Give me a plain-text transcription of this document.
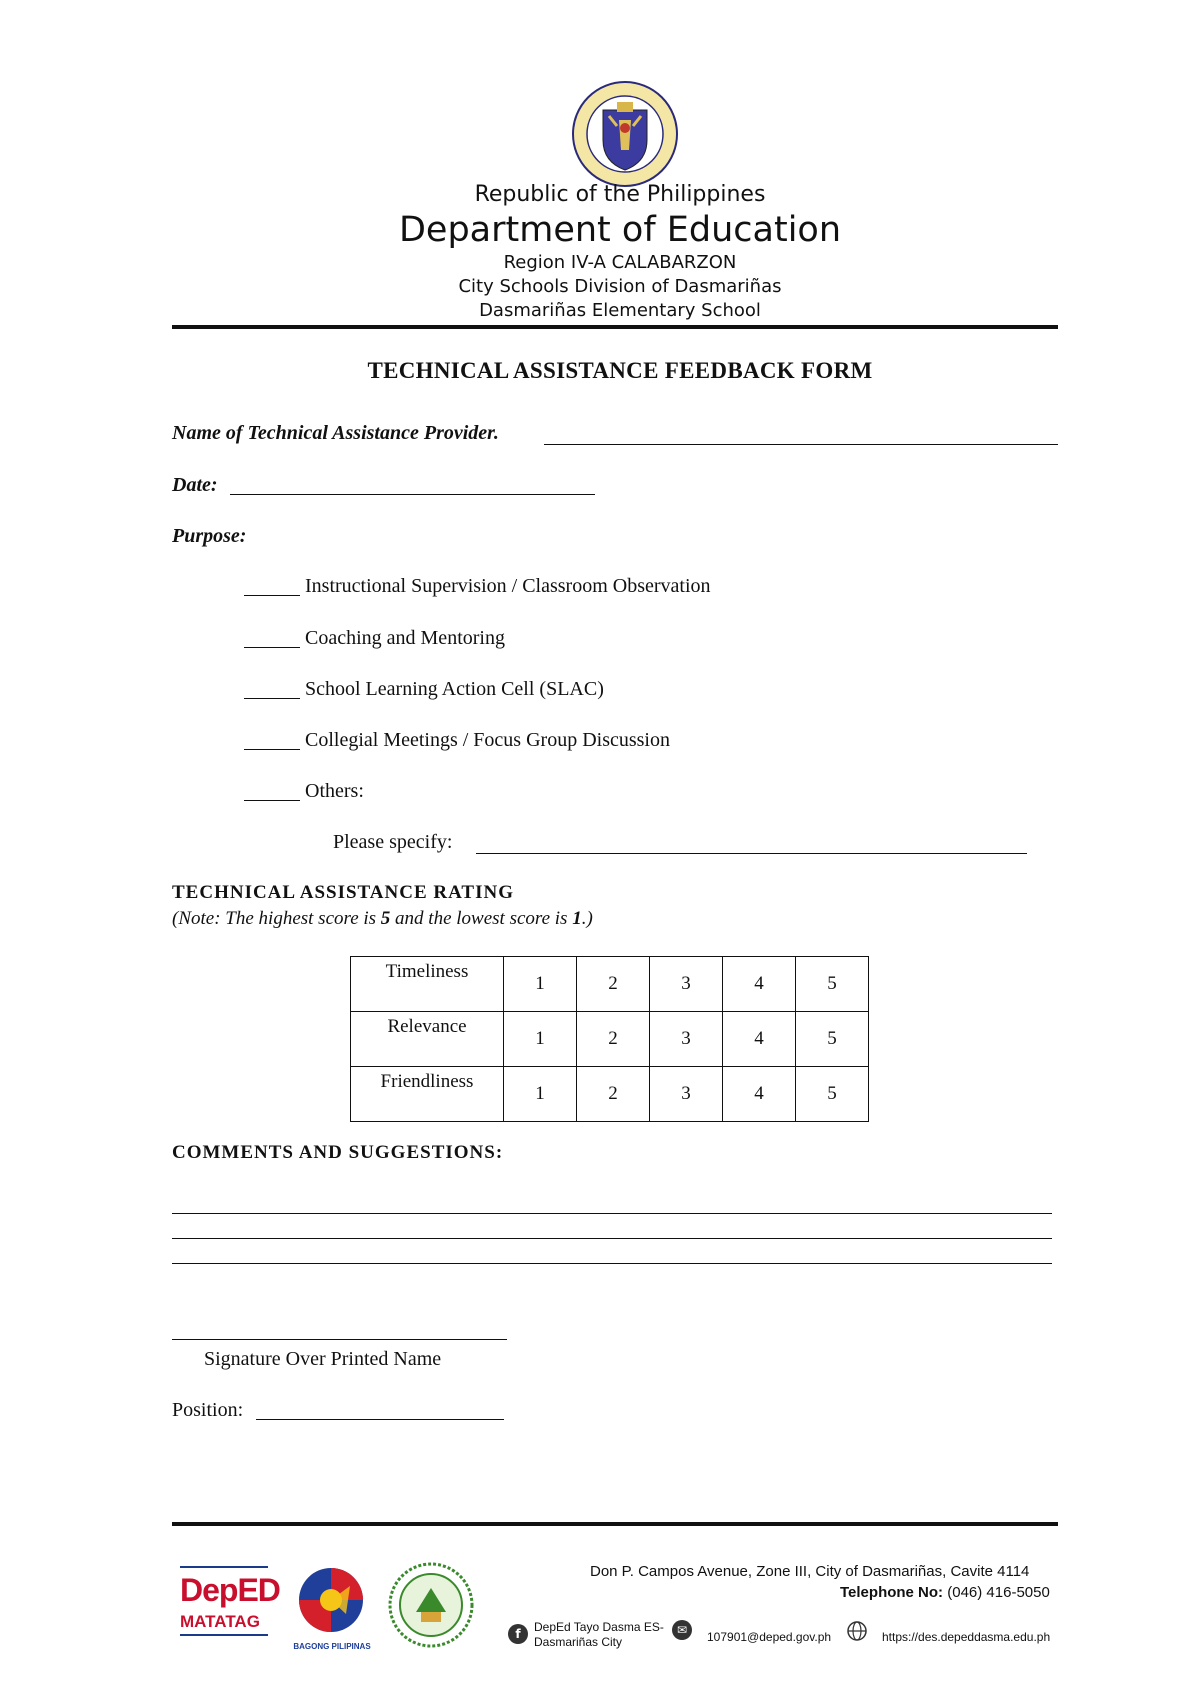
Republic of the Philippines
Department of Education
Region IV-A CALABARZON
City Schools Division of Dasmariñas
Dasmariñas Elementary School
TECHNICAL ASSISTANCE FEEDBACK FORM
Name of Technical Assistance Provider.
Date:
Purpose:
Instructional Supervision / Classroom Observation
Coaching and Mentoring
School Learning Action Cell (SLAC)
Collegial Meetings / Focus Group Discussion
Others:
Please specify:
TECHNICAL ASSISTANCE RATING
(Note: The highest score is 5 and the lowest score is 1.)
Timeliness	1	2	3	4	5
Relevance	1	2	3	4	5
Friendliness	1	2	3	4	5
COMMENTS AND SUGGESTIONS:
Signature Over Printed Name
Position:
DepED
MATATAG
BAGONG PILIPINAS
Don P. Campos Avenue, Zone III, City of Dasmariñas, Cavite 4114
Telephone No: (046) 416-5050
f	DepEd Tayo Dasma ES-
Dasmariñas City
✉	107901@deped.gov.ph	https://des.depeddasma.edu.ph
